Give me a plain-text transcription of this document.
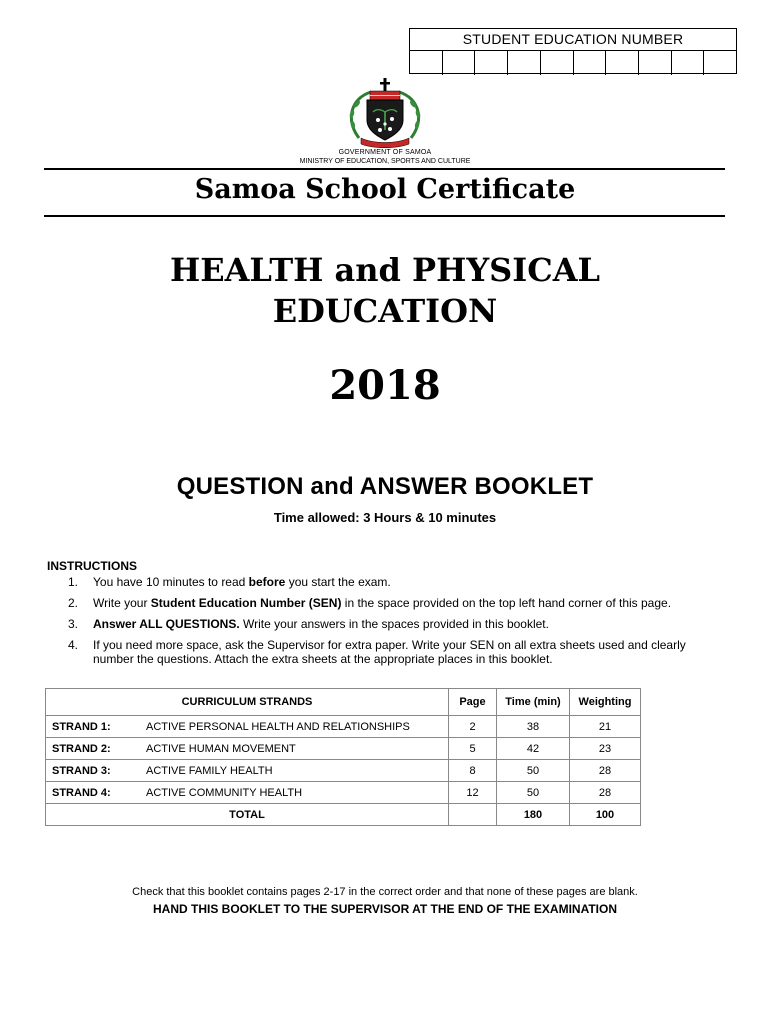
STUDENT EDUCATION NUMBER
GOVERNMENT OF SAMOA
MINISTRY OF EDUCATION, SPORTS AND CULTURE
Samoa School Certificate
HEALTH and PHYSICAL
EDUCATION
2018
QUESTION and ANSWER BOOKLET
Time allowed: 3 Hours & 10 minutes
INSTRUCTIONS
1.	You have 10 minutes to read before you start the exam.
2.	Write your Student Education Number (SEN) in the space provided on the top left hand corner of this page.
3.	Answer ALL QUESTIONS. Write your answers in the spaces provided in this booklet.
4.	If you need more space, ask the Supervisor for extra paper. Write your SEN on all extra sheets used and clearly number the questions. Attach the extra sheets at the appropriate places in this booklet.
CURRICULUM STRANDS		Page	Time (min)	Weighting
STRAND 1:	ACTIVE PERSONAL HEALTH AND RELATIONSHIPS	2	38	21
STRAND 2:	ACTIVE HUMAN MOVEMENT	5	42	23
STRAND 3:	ACTIVE FAMILY HEALTH	8	50	28
STRAND 4:	ACTIVE COMMUNITY HEALTH	12	50	28
TOTAL			180	100
Check that this booklet contains pages 2-17 in the correct order and that none of these pages are blank.
HAND THIS BOOKLET TO THE SUPERVISOR AT THE END OF THE EXAMINATION
